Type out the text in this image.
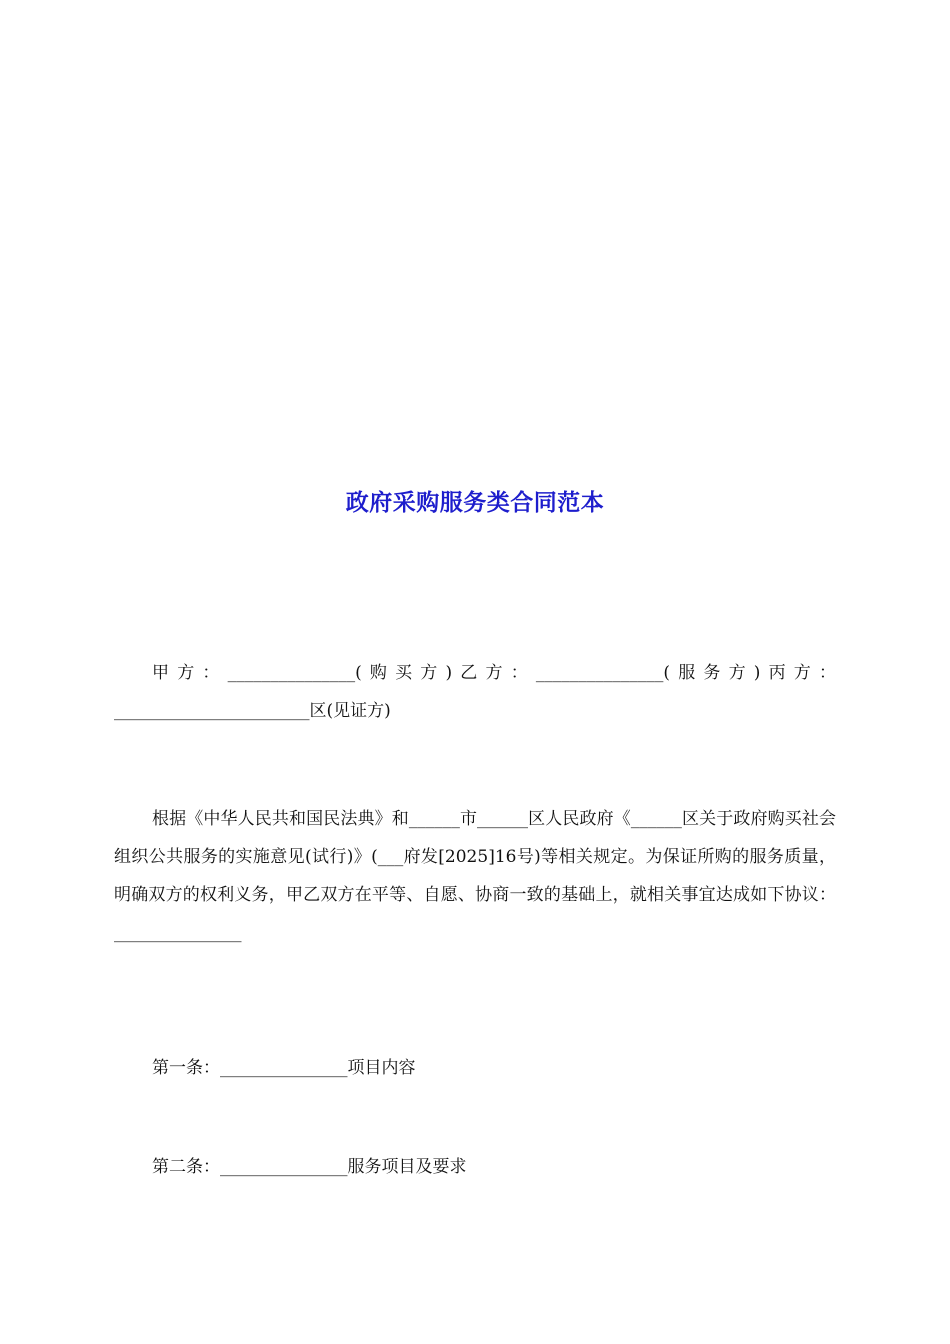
政府采购服务类合同范本
甲方：_______________(购买方)乙方：_______________(服务方)丙方：_______________________区(见证方)
根据《中华人民共和国民法典》和______市______区人民政府《______区关于政府购买社会组织公共服务的实施意见(试行)》(___府发[2025]16号)等相关规定。为保证所购的服务质量，明确双方的权利义务，甲乙双方在平等、自愿、协商一致的基础上，就相关事宜达成如下协议：_______________
第一条：_______________项目内容
第二条：_______________服务项目及要求
